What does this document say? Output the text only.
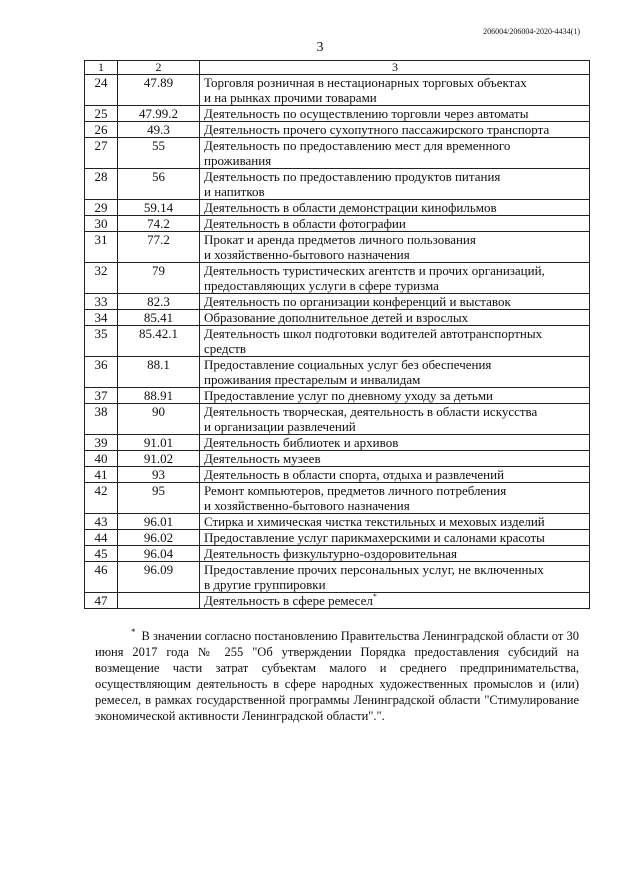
206004/206004-2020-4434(1)
3
1	2	3
24	47.89	Торговля розничная в нестационарных торговых объектах
и на рынках прочими товарами
25	47.99.2	Деятельность по осуществлению торговли через автоматы
26	49.3	Деятельность прочего сухопутного пассажирского транспорта
27	55	Деятельность по предоставлению мест для временного
проживания
28	56	Деятельность по предоставлению продуктов питания
и напитков
29	59.14	Деятельность в области демонстрации кинофильмов
30	74.2	Деятельность в области фотографии
31	77.2	Прокат и аренда предметов личного пользования
и хозяйственно-бытового назначения
32	79	Деятельность туристических агентств и прочих организаций,
предоставляющих услуги в сфере туризма
33	82.3	Деятельность по организации конференций и выставок
34	85.41	Образование дополнительное детей и взрослых
35	85.42.1	Деятельность школ подготовки водителей автотранспортных
средств
36	88.1	Предоставление социальных услуг без обеспечения
проживания престарелым и инвалидам
37	88.91	Предоставление услуг по дневному уходу за детьми
38	90	Деятельность творческая, деятельность в области искусства
и организации развлечений
39	91.01	Деятельность библиотек и архивов
40	91.02	Деятельность музеев
41	93	Деятельность в области спорта, отдыха и развлечений
42	95	Ремонт компьютеров, предметов личного потребления
и хозяйственно-бытового назначения
43	96.01	Стирка и химическая чистка текстильных и меховых изделий
44	96.02	Предоставление услуг парикмахерскими и салонами красоты
45	96.04	Деятельность физкультурно-оздоровительная
46	96.09	Предоставление прочих персональных услуг, не включенных
в другие группировки
47		Деятельность в сфере ремесел*
* В значении согласно постановлению Правительства Ленинградской области от 30 июня 2017 года № 255 "Об утверждении Порядка предоставления субсидий на возмещение части затрат субъектам малого и среднего предпринимательства, осуществляющим деятельность в сфере народных художественных промыслов и (или) ремесел, в рамках государственной программы Ленинградской области "Стимулирование экономической активности Ленинградской области".".
